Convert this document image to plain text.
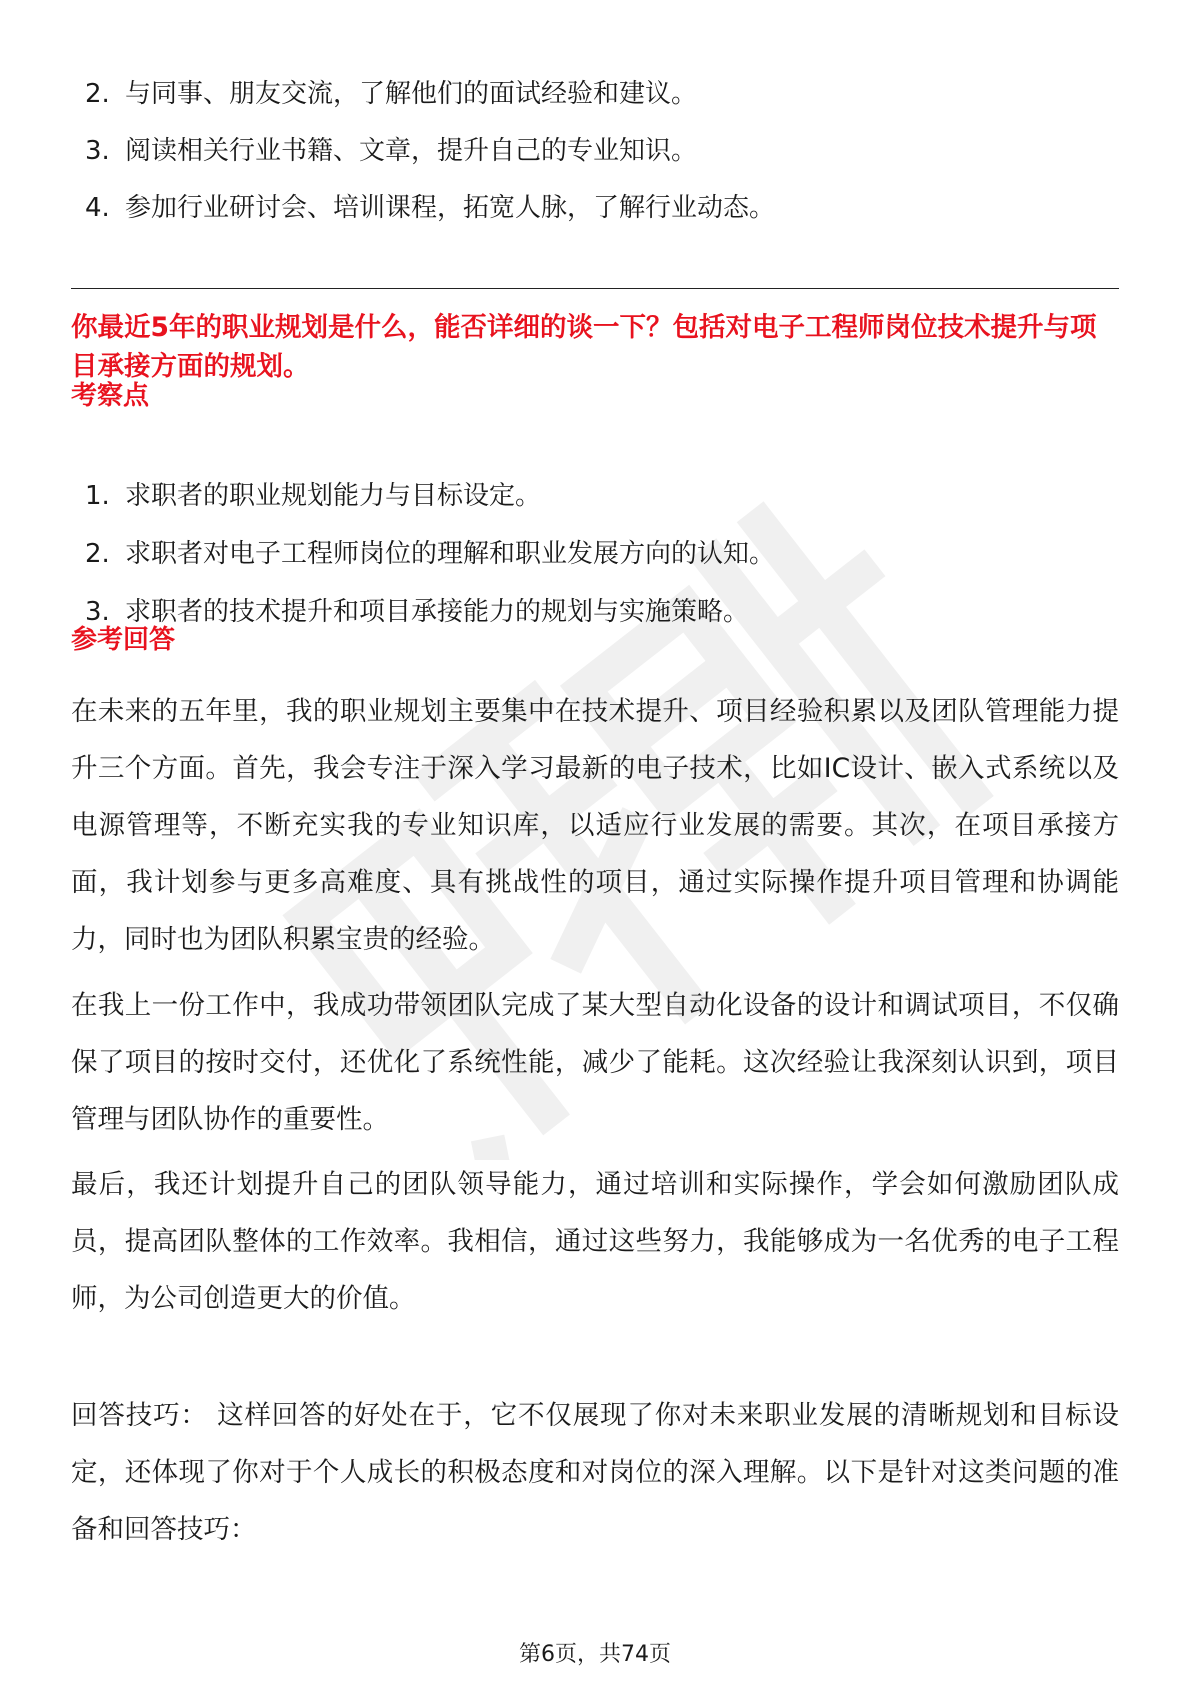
2. 与同事、朋友交流，了解他们的面试经验和建议。
3. 阅读相关行业书籍、文章，提升自己的专业知识。
4. 参加行业研讨会、培训课程，拓宽人脉，了解行业动态。

你最近5年的职业规划是什么，能否详细的谈一下？包括对电子工程师岗位技术提升与项目承接方面的规划。

考察点

1. 求职者的职业规划能力与目标设定。
2. 求职者对电子工程师岗位的理解和职业发展方向的认知。
3. 求职者的技术提升和项目承接能力的规划与实施策略。

参考回答

在未来的五年里，我的职业规划主要集中在技术提升、项目经验积累以及团队管理能力提升三个方面。首先，我会专注于深入学习最新的电子技术，比如IC设计、嵌入式系统以及电源管理等，不断充实我的专业知识库，以适应行业发展的需要。其次，在项目承接方面，我计划参与更多高难度、具有挑战性的项目，通过实际操作提升项目管理和协调能力，同时也为团队积累宝贵的经验。

在我上一份工作中，我成功带领团队完成了某大型自动化设备的设计和调试项目，不仅确保了项目的按时交付，还优化了系统性能，减少了能耗。这次经验让我深刻认识到，项目管理与团队协作的重要性。

最后，我还计划提升自己的团队领导能力，通过培训和实际操作，学会如何激励团队成员，提高团队整体的工作效率。我相信，通过这些努力，我能够成为一名优秀的电子工程师，为公司创造更大的价值。

回答技巧： 这样回答的好处在于，它不仅展现了你对未来职业发展的清晰规划和目标设定，还体现了你对于个人成长的积极态度和对岗位的深入理解。以下是针对这类问题的准备和回答技巧：

第6页，共74页
